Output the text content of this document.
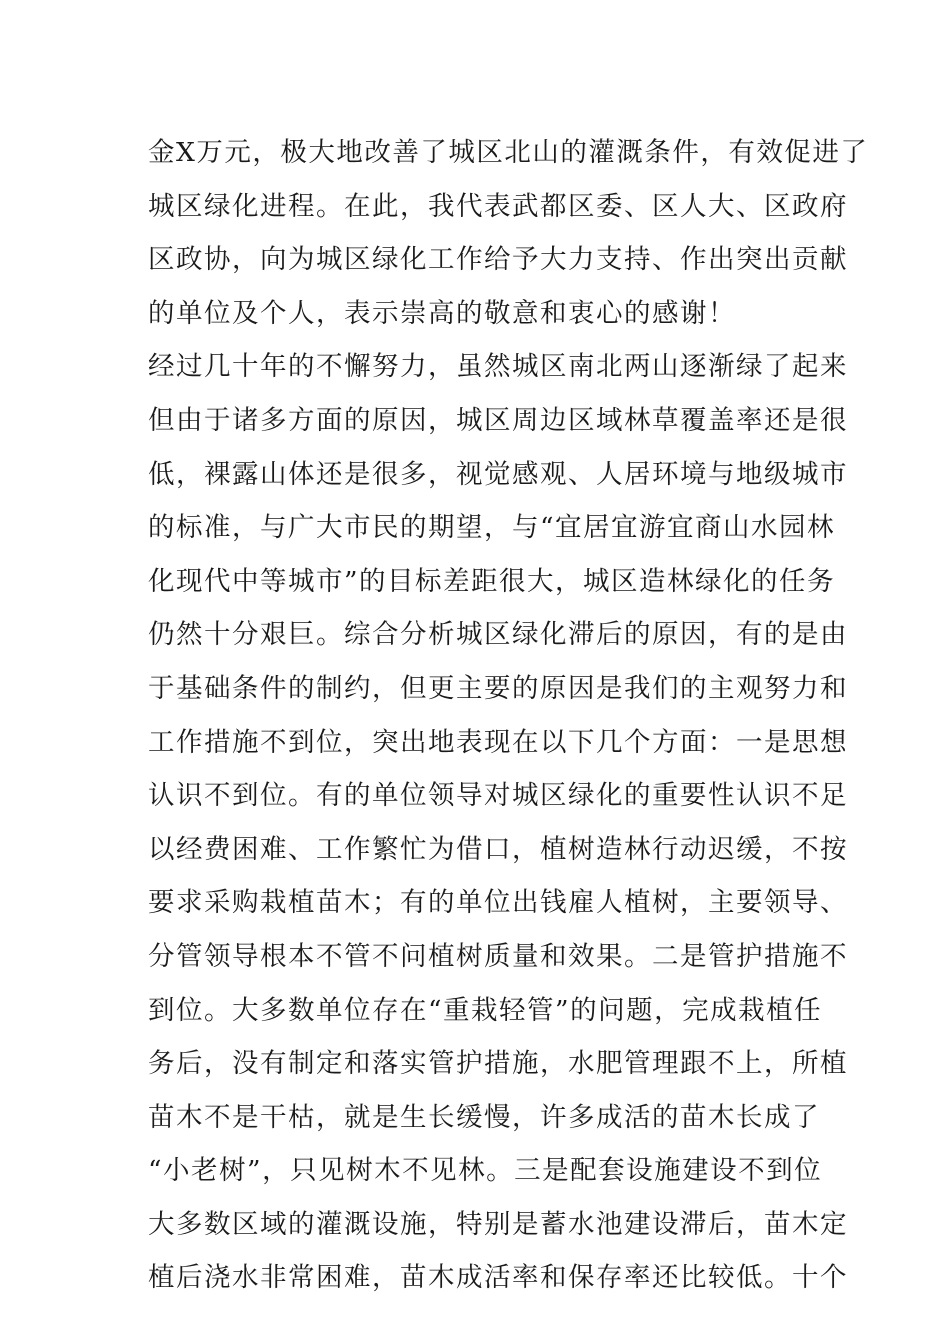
金X万元，极大地改善了城区北山的灌溉条件，有效促进了
城区绿化进程。在此，我代表武都区委、区人大、区政府
区政协，向为城区绿化工作给予大力支持、作出突出贡献
的单位及个人，表示崇高的敬意和衷心的感谢！
经过几十年的不懈努力，虽然城区南北两山逐渐绿了起来
但由于诸多方面的原因，城区周边区域林草覆盖率还是很
低，裸露山体还是很多，视觉感观、人居环境与地级城市
的标准，与广大市民的期望，与“宜居宜游宜商山水园林
化现代中等城市”的目标差距很大，城区造林绿化的任务
仍然十分艰巨。综合分析城区绿化滞后的原因，有的是由
于基础条件的制约，但更主要的原因是我们的主观努力和
工作措施不到位，突出地表现在以下几个方面：一是思想
认识不到位。有的单位领导对城区绿化的重要性认识不足
以经费困难、工作繁忙为借口，植树造林行动迟缓，不按
要求采购栽植苗木；有的单位出钱雇人植树，主要领导、
分管领导根本不管不问植树质量和效果。二是管护措施不
到位。大多数单位存在“重栽轻管”的问题，完成栽植任
务后，没有制定和落实管护措施，水肥管理跟不上，所植
苗木不是干枯，就是生长缓慢，许多成活的苗木长成了
“小老树”，只见树木不见林。三是配套设施建设不到位
大多数区域的灌溉设施，特别是蓄水池建设滞后，苗木定
植后浇水非常困难，苗木成活率和保存率还比较低。十个
